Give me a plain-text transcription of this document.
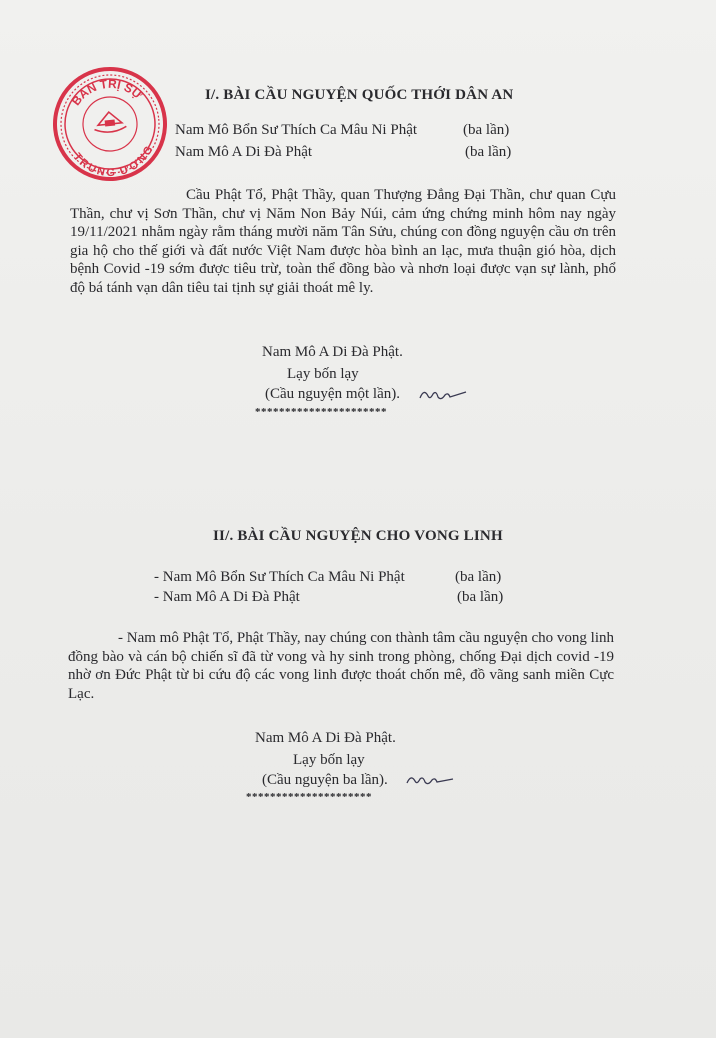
BAN TRỊ SỰ
TRUNG ƯƠNG
I/. BÀI CẦU NGUYỆN QUỐC THỚI DÂN AN
Nam Mô Bổn Sư Thích Ca Mâu Ni Phật	(ba lần)
Nam Mô A Di Đà Phật	(ba lần)
Cầu Phật Tổ, Phật Thầy, quan Thượng Đẳng Đại Thần, chư quan Cựu Thần, chư vị Sơn Thần, chư vị Năm Non Bảy Núi, cảm ứng chứng minh hôm nay ngày 19/11/2021 nhằm ngày rằm tháng mười năm Tân Sửu, chúng con đồng nguyện cầu ơn trên gia hộ cho thế giới và đất nước Việt Nam được hòa bình an lạc, mưa thuận gió hòa, dịch bệnh Covid -19 sớm được tiêu trừ, toàn thể đồng bào và nhơn loại được vạn sự lành, phổ độ bá tánh vạn dân tiêu tai tịnh sự giải thoát mê ly.
Nam Mô A Di Đà Phật.
Lạy bốn lạy
(Cầu nguyện một lần).
**********************
II/. BÀI CẦU NGUYỆN CHO VONG LINH
- Nam Mô Bổn Sư Thích Ca Mâu Ni Phật	(ba lần)
- Nam Mô A Di Đà Phật	(ba lần)
- Nam mô Phật Tổ, Phật Thầy, nay chúng con thành tâm cầu nguyện cho vong linh đồng bào và cán bộ chiến sĩ đã từ vong và hy sinh trong phòng, chống Đại dịch covid -19 nhờ ơn Đức Phật từ bi cứu độ các vong linh được thoát chốn mê, đồ vãng sanh miền Cực Lạc.
Nam Mô A Di Đà Phật.
Lạy bốn lạy
(Cầu nguyện ba lần).
*********************
